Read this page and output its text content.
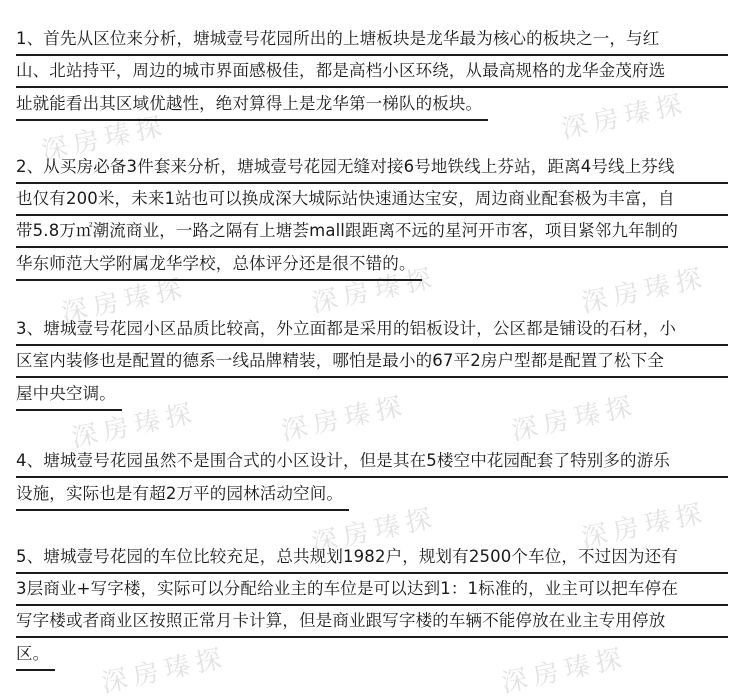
深房瑧探	深房瑧探
深房瑧探	深房瑧探	深房瑧探
深房瑧探	深房瑧探	深房瑧探
深房瑧探	深房瑧探
深房瑧探	深房瑧探
1、首先从区位来分析，塘城壹号花园所出的上塘板块是龙华最为核心的板块之一，与红
山、北站持平，周边的城市界面感极佳，都是高档小区环绕，从最高规格的龙华金茂府选
址就能看出其区域优越性，绝对算得上是龙华第一梯队的板块。
2、从买房必备3件套来分析，塘城壹号花园无缝对接6号地铁线上芬站，距离4号线上芬线
也仅有200米，未来1站也可以换成深大城际站快速通达宝安，周边商业配套极为丰富，自
带5.8万㎡潮流商业，一路之隔有上塘荟mall跟距离不远的星河开市客，项目紧邻九年制的
华东师范大学附属龙华学校，总体评分还是很不错的。
3、塘城壹号花园小区品质比较高，外立面都是采用的铝板设计，公区都是铺设的石材，小
区室内装修也是配置的德系一线品牌精装，哪怕是最小的67平2房户型都是配置了松下全
屋中央空调。
4、塘城壹号花园虽然不是围合式的小区设计，但是其在5楼空中花园配套了特别多的游乐
设施，实际也是有超2万平的园林活动空间。
5、塘城壹号花园的车位比较充足，总共规划1982户，规划有2500个车位，不过因为还有
3层商业+写字楼，实际可以分配给业主的车位是可以达到1：1标准的，业主可以把车停在
写字楼或者商业区按照正常月卡计算，但是商业跟写字楼的车辆不能停放在业主专用停放
区。
